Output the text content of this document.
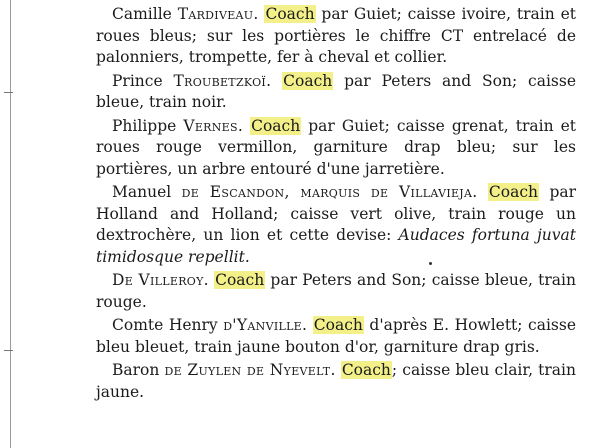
Camille Tardiveau. Coach par Guiet; caisse ivoire, train et roues bleus; sur les portières le chiffre CT entrelacé de palonniers, trompette, fer à cheval et collier.

Prince Troubetzkoï. Coach par Peters and Son; caisse bleue, train noir.

Philippe Vernes. Coach par Guiet; caisse grenat, train et roues rouge vermillon, garniture drap bleu; sur les portières, un arbre entouré d'une jarretière.

Manuel de Escandon, marquis de Villavieja. Coach par Holland and Holland; caisse vert olive, train rouge un dextrochère, un lion et cette devise: Audaces fortuna juvat timidosque repellit.

De Villeroy. Coach par Peters and Son; caisse bleue, train rouge.

Comte Henry d'Yanville. Coach d'après E. Howlett; caisse bleu bleuet, train jaune bouton d'or, garniture drap gris.

Baron de Zuylen de Nyevelt. Coach; caisse bleu clair, train jaune.
